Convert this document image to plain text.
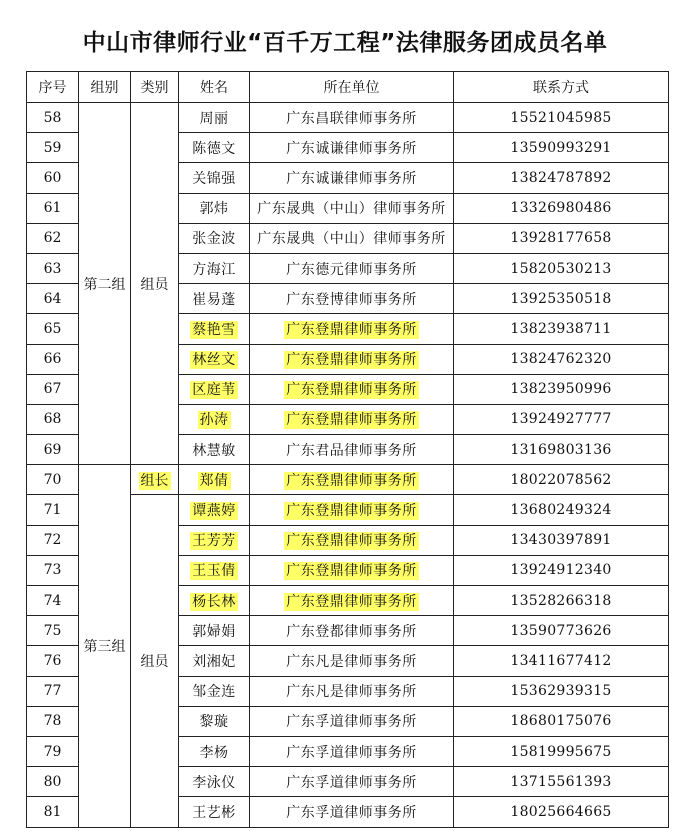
中山市律师行业“百千万工程”法律服务团成员名单
序号	组别	类别	姓名	所在单位	联系方式
58	第二组	组员	周丽	广东昌联律师事务所	15521045985
59			陈德文	广东诚谦律师事务所	13590993291
60			关锦强	广东诚谦律师事务所	13824787892
61			郭炜	广东晟典（中山）律师事务所	13326980486
62			张金波	广东晟典（中山）律师事务所	13928177658
63			方海江	广东德元律师事务所	15820530213
64			崔易蓬	广东登博律师事务所	13925350518
65			蔡艳雪	广东登鼎律师事务所	13823938711
66			林丝文	广东登鼎律师事务所	13824762320
67			区庭苇	广东登鼎律师事务所	13823950996
68			孙涛	广东登鼎律师事务所	13924927777
69			林慧敏	广东君品律师事务所	13169803136
70	第三组	组长	郑倩	广东登鼎律师事务所	18022078562
71		组员	谭燕婷	广东登鼎律师事务所	13680249324
72			王芳芳	广东登鼎律师事务所	13430397891
73			王玉倩	广东登鼎律师事务所	13924912340
74			杨长林	广东登鼎律师事务所	13528266318
75			郭婦娟	广东登都律师事务所	13590773626
76			刘湘妃	广东凡是律师事务所	13411677412
77			邹金连	广东凡是律师事务所	15362939315
78			黎璇	广东孚道律师事务所	18680175076
79			李杨	广东孚道律师事务所	15819995675
80			李泳仪	广东孚道律师事务所	13715561393
81			王艺彬	广东孚道律师事务所	18025664665
